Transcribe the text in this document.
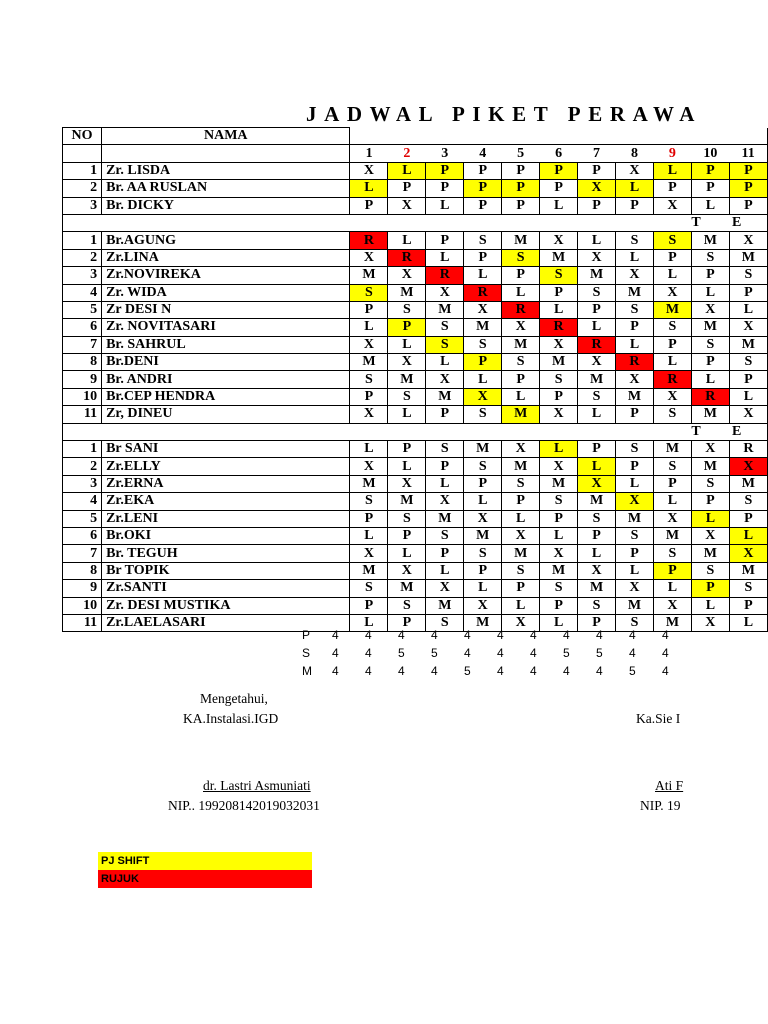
JADWAL PIKET PERAWA
NO	NAMA											
		1	2	3	4	5	6	7	8	9	10	11
1	Zr. LISDA	X	L	P	P	P	P	P	X	L	P	P
2	Br. AA RUSLAN	L	P	P	P	P	P	X	L	P	P	P
3	Br. DICKY	P	X	L	P	P	L	P	P	X	L	P
											T E	
1	Br.AGUNG	R	L	P	S	M	X	L	S	S	M	X
2	Zr.LINA	X	R	L	P	S	M	X	L	P	S	M
3	Zr.NOVIREKA	M	X	R	L	P	S	M	X	L	P	S
4	Zr. WIDA	S	M	X	R	L	P	S	M	X	L	P
5	Zr DESI N	P	S	M	X	R	L	P	S	M	X	L
6	Zr. NOVITASARI	L	P	S	M	X	R	L	P	S	M	X
7	Br. SAHRUL	X	L	S	S	M	X	R	L	P	S	M
8	Br.DENI	M	X	L	P	S	M	X	R	L	P	S
9	Br. ANDRI	S	M	X	L	P	S	M	X	R	L	P
10	Br.CEP HENDRA	P	S	M	X	L	P	S	M	X	R	L
11	Zr, DINEU	X	L	P	S	M	X	L	P	S	M	X
											T E	
1	Br SANI	L	P	S	M	X	L	P	S	M	X	R
2	Zr.ELLY	X	L	P	S	M	X	L	P	S	M	X
3	Zr.ERNA	M	X	L	P	S	M	X	L	P	S	M
4	Zr.EKA	S	M	X	L	P	S	M	X	L	P	S
5	Zr.LENI	P	S	M	X	L	P	S	M	X	L	P
6	Br.OKI	L	P	S	M	X	L	P	S	M	X	L
7	Br. TEGUH	X	L	P	S	M	X	L	P	S	M	X
8	Br TOPIK	M	X	L	P	S	M	X	L	P	S	M
9	Zr.SANTI	S	M	X	L	P	S	M	X	L	P	S
10	Zr. DESI MUSTIKA	P	S	M	X	L	P	S	M	X	L	P
11	Zr.LAELASARI	L	P	S	M	X	L	P	S	M	X	L
P 4 4 4 4 4 4 4 4 4 4 4
S 4 4 5 5 4 4 4 5 5 4 4
M 4 4 4 4 5 4 4 4 4 5 4
Mengetahui,
KA.Instalasi.IGD
dr. Lastri Asmuniati
NIP.. 199208142019032031
Ka.Sie I
Ati F
NIP. 19
PJ SHIFT
RUJUK
